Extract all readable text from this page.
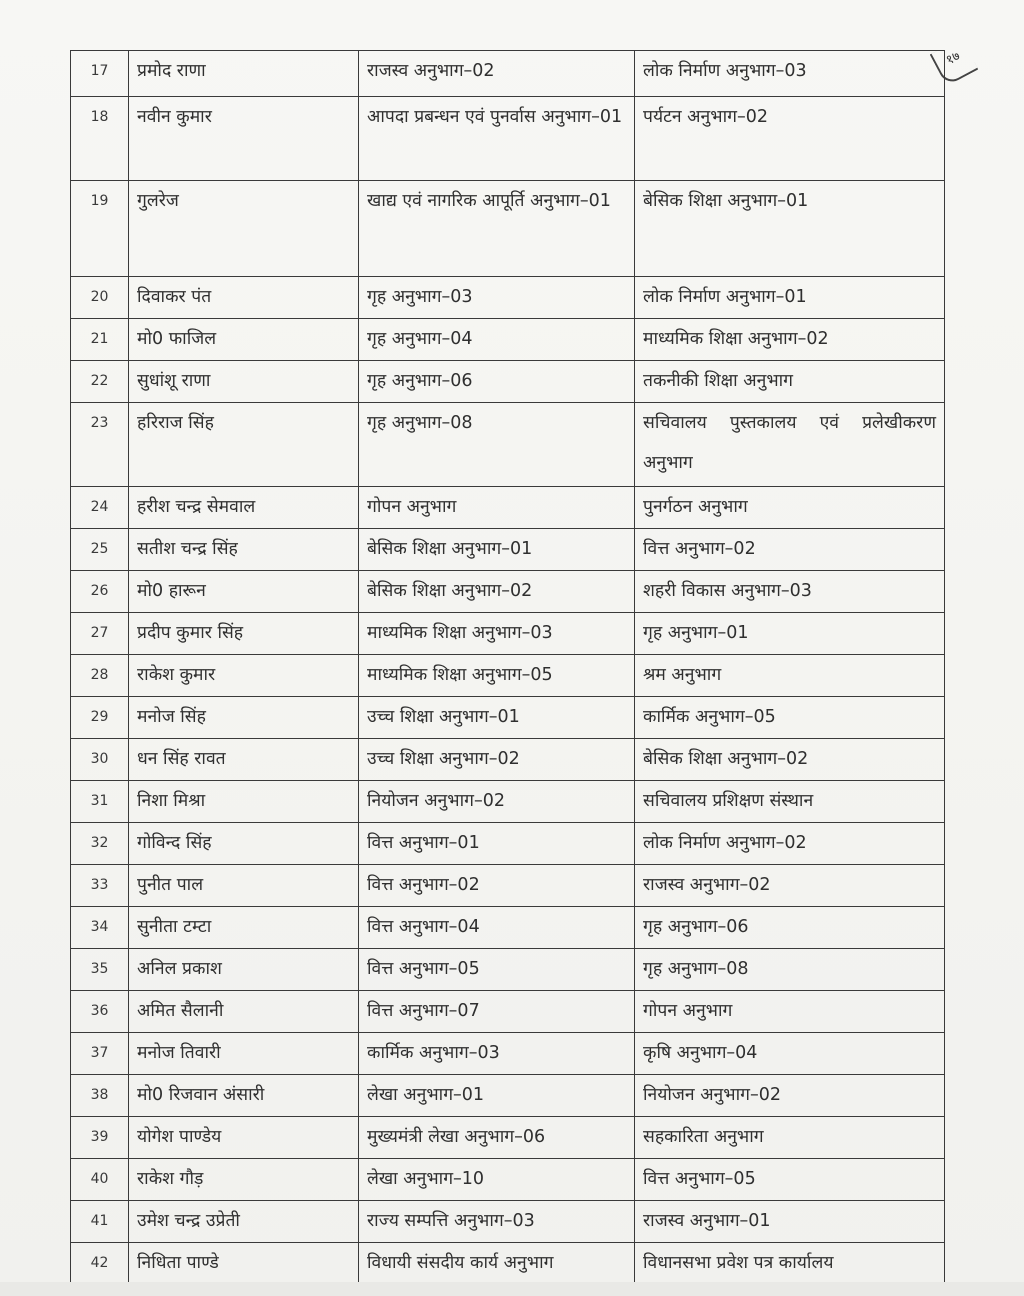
१७
17	प्रमोद राणा	राजस्व अनुभाग–02	लोक निर्माण अनुभाग–03
18	नवीन कुमार	आपदा प्रबन्धन एवं पुनर्वास अनुभाग–01	पर्यटन अनुभाग–02
19	गुलरेज	खाद्य एवं नागरिक आपूर्ति अनुभाग–01	बेसिक शिक्षा अनुभाग–01
20	दिवाकर पंत	गृह अनुभाग–03	लोक निर्माण अनुभाग–01
21	मो0 फाजिल	गृह अनुभाग–04	माध्यमिक शिक्षा अनुभाग–02
22	सुधांशू राणा	गृह अनुभाग–06	तकनीकी शिक्षा अनुभाग
23	हरिराज सिंह	गृह अनुभाग–08	सचिवालय पुस्तकालय एवं प्रलेखीकरण अनुभाग
24	हरीश चन्द्र सेमवाल	गोपन अनुभाग	पुनर्गठन अनुभाग
25	सतीश चन्द्र सिंह	बेसिक शिक्षा अनुभाग–01	वित्त अनुभाग–02
26	मो0 हारून	बेसिक शिक्षा अनुभाग–02	शहरी विकास अनुभाग–03
27	प्रदीप कुमार सिंह	माध्यमिक शिक्षा अनुभाग–03	गृह अनुभाग–01
28	राकेश कुमार	माध्यमिक शिक्षा अनुभाग–05	श्रम अनुभाग
29	मनोज सिंह	उच्च शिक्षा अनुभाग–01	कार्मिक अनुभाग–05
30	धन सिंह रावत	उच्च शिक्षा अनुभाग–02	बेसिक शिक्षा अनुभाग–02
31	निशा मिश्रा	नियोजन अनुभाग–02	सचिवालय प्रशिक्षण संस्थान
32	गोविन्द सिंह	वित्त अनुभाग–01	लोक निर्माण अनुभाग–02
33	पुनीत पाल	वित्त अनुभाग–02	राजस्व अनुभाग–02
34	सुनीता टम्टा	वित्त अनुभाग–04	गृह अनुभाग–06
35	अनिल प्रकाश	वित्त अनुभाग–05	गृह अनुभाग–08
36	अमित सैलानी	वित्त अनुभाग–07	गोपन अनुभाग
37	मनोज तिवारी	कार्मिक अनुभाग–03	कृषि अनुभाग–04
38	मो0 रिजवान अंसारी	लेखा अनुभाग–01	नियोजन अनुभाग–02
39	योगेश पाण्डेय	मुख्यमंत्री लेखा अनुभाग–06	सहकारिता अनुभाग
40	राकेश गौड़	लेखा अनुभाग–10	वित्त अनुभाग–05
41	उमेश चन्द्र उप्रेती	राज्य सम्पत्ति अनुभाग–03	राजस्व अनुभाग–01
42	निधिता पाण्डे	विधायी संसदीय कार्य अनुभाग	विधानसभा प्रवेश पत्र कार्यालय
